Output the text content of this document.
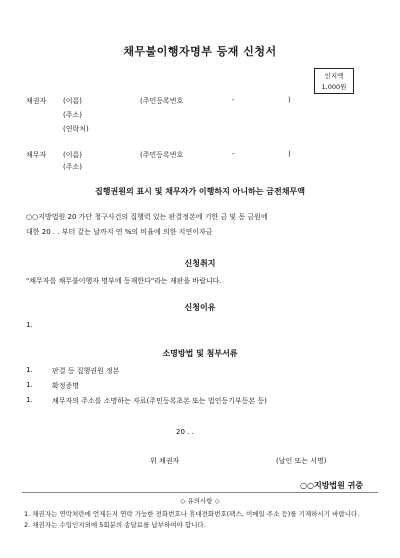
채무불이행자명부 등재 신청서
인지액
1,000원
채권자 (이름)	(주민등록번호	-	)
(주소)
(연락처)
채무자 (이름)	(주민등록번호	-	)
(주소)
집행권원의 표시 및 채무자가 이행하지 아니하는 금전채무액
○○지방법원 20 가단 청구사건의 집행력 있는 판결정본에 기한 금 및 동 금원에
대한 20 . . 부터 갚는 날까지 연 %의 비율에 의한 지연이자금
신청취지
"채무자를 채무불이행자 명부에 등재한다"라는 재판을 바랍니다.
신청이유
1.
소명방법 및 첨부서류
1.	판결 등 집행권원 정본
1.	확정증명
1.	채무자의 주소를 소명하는 자료(주민등록초본 또는 법인등기부등본 등)
20 . .
위 채권자	(날인 또는 서명)
○○지방법원 귀중
◇ 유의사항 ◇
1. 채권자는 연락처란에 언제든지 연락 가능한 전화번호나 휴대전화번호(팩스, 이메일 주소 등)를 기재하시기 바랍니다.
2. 채권자는 수입인지외에 5회분의 송달료를 납부하여야 합니다.
